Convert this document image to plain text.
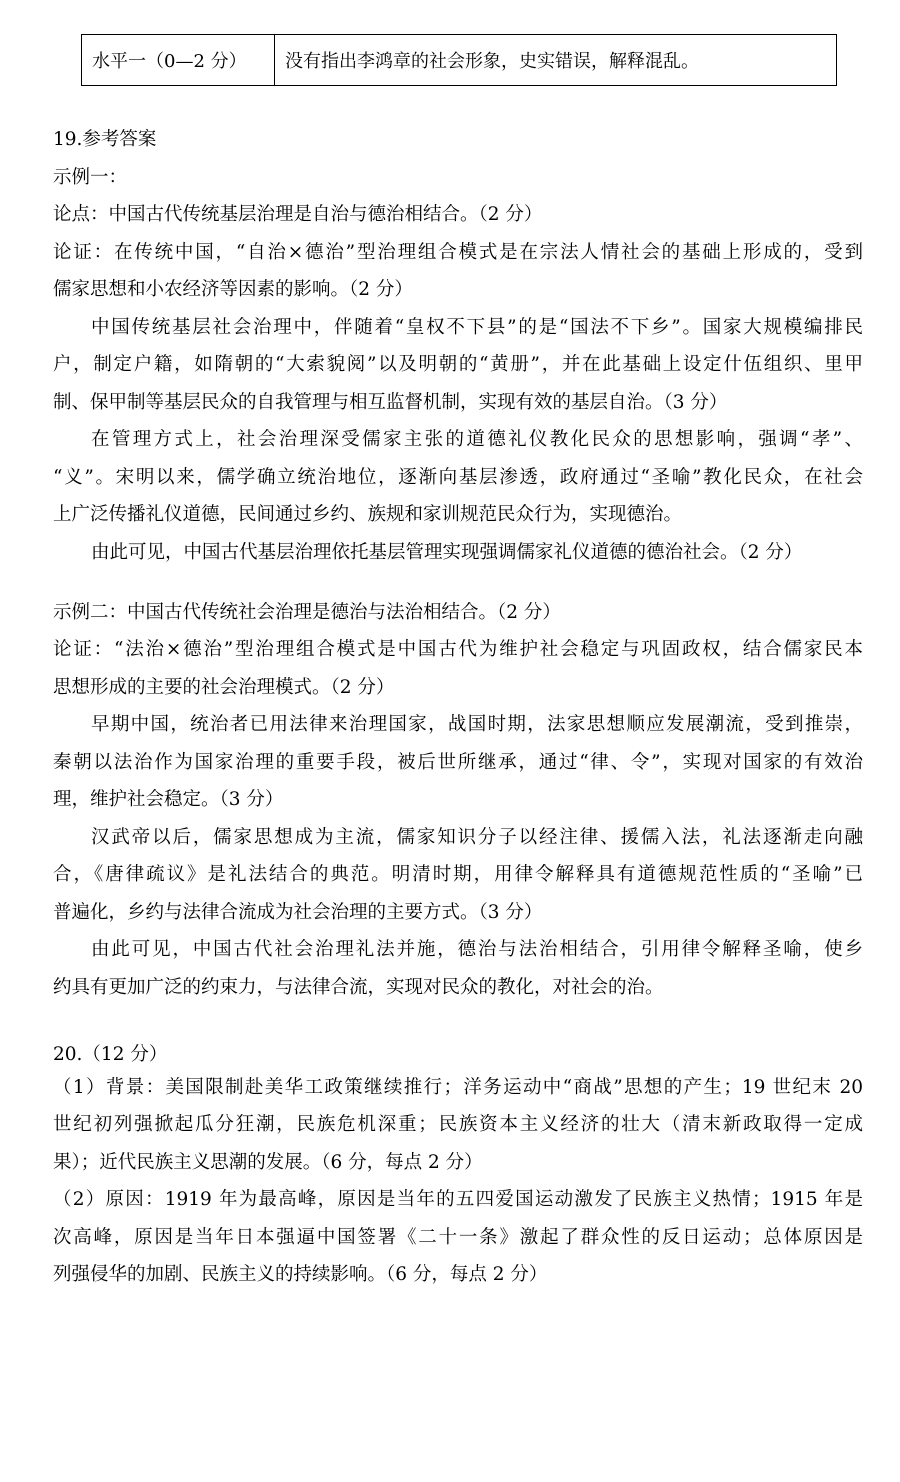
水平一（0—2 分）	没有指出李鸿章的社会形象，史实错误，解释混乱。
19.参考答案
示例一：
论点：中国古代传统基层治理是自治与德治相结合。（2 分）
论证：在传统中国，“自治×德治”型治理组合模式是在宗法人情社会的基础上形成的，受到
儒家思想和小农经济等因素的影响。（2 分）
中国传统基层社会治理中，伴随着“皇权不下县”的是“国法不下乡”。国家大规模编排民
户，制定户籍，如隋朝的“大索貌阅”以及明朝的“黄册”，并在此基础上设定什伍组织、里甲
制、保甲制等基层民众的自我管理与相互监督机制，实现有效的基层自治。（3 分）
在管理方式上，社会治理深受儒家主张的道德礼仪教化民众的思想影响，强调“孝”、
“义”。宋明以来，儒学确立统治地位，逐渐向基层渗透，政府通过“圣喻”教化民众，在社会
上广泛传播礼仪道德，民间通过乡约、族规和家训规范民众行为，实现德治。
由此可见，中国古代基层治理依托基层管理实现强调儒家礼仪道德的德治社会。（2 分）
示例二：中国古代传统社会治理是德治与法治相结合。（2 分）
论证：“法治×德治”型治理组合模式是中国古代为维护社会稳定与巩固政权，结合儒家民本
思想形成的主要的社会治理模式。（2 分）
早期中国，统治者已用法律来治理国家，战国时期，法家思想顺应发展潮流，受到推崇，
秦朝以法治作为国家治理的重要手段，被后世所继承，通过“律、令”，实现对国家的有效治
理，维护社会稳定。（3 分）
汉武帝以后，儒家思想成为主流，儒家知识分子以经注律、援儒入法，礼法逐渐走向融
合，《唐律疏议》是礼法结合的典范。明清时期，用律令解释具有道德规范性质的“圣喻”已
普遍化，乡约与法律合流成为社会治理的主要方式。（3 分）
由此可见，中国古代社会治理礼法并施，德治与法治相结合，引用律令解释圣喻，使乡
约具有更加广泛的约束力，与法律合流，实现对民众的教化，对社会的治。
20.（12 分）
（1）背景：美国限制赴美华工政策继续推行；洋务运动中“商战”思想的产生；19 世纪末 20
世纪初列强掀起瓜分狂潮，民族危机深重；民族资本主义经济的壮大（清末新政取得一定成
果）；近代民族主义思潮的发展。（6 分，每点 2 分）
（2）原因：1919 年为最高峰，原因是当年的五四爱国运动激发了民族主义热情；1915 年是
次高峰，原因是当年日本强逼中国签署《二十一条》激起了群众性的反日运动；总体原因是
列强侵华的加剧、民族主义的持续影响。（6 分，每点 2 分）
